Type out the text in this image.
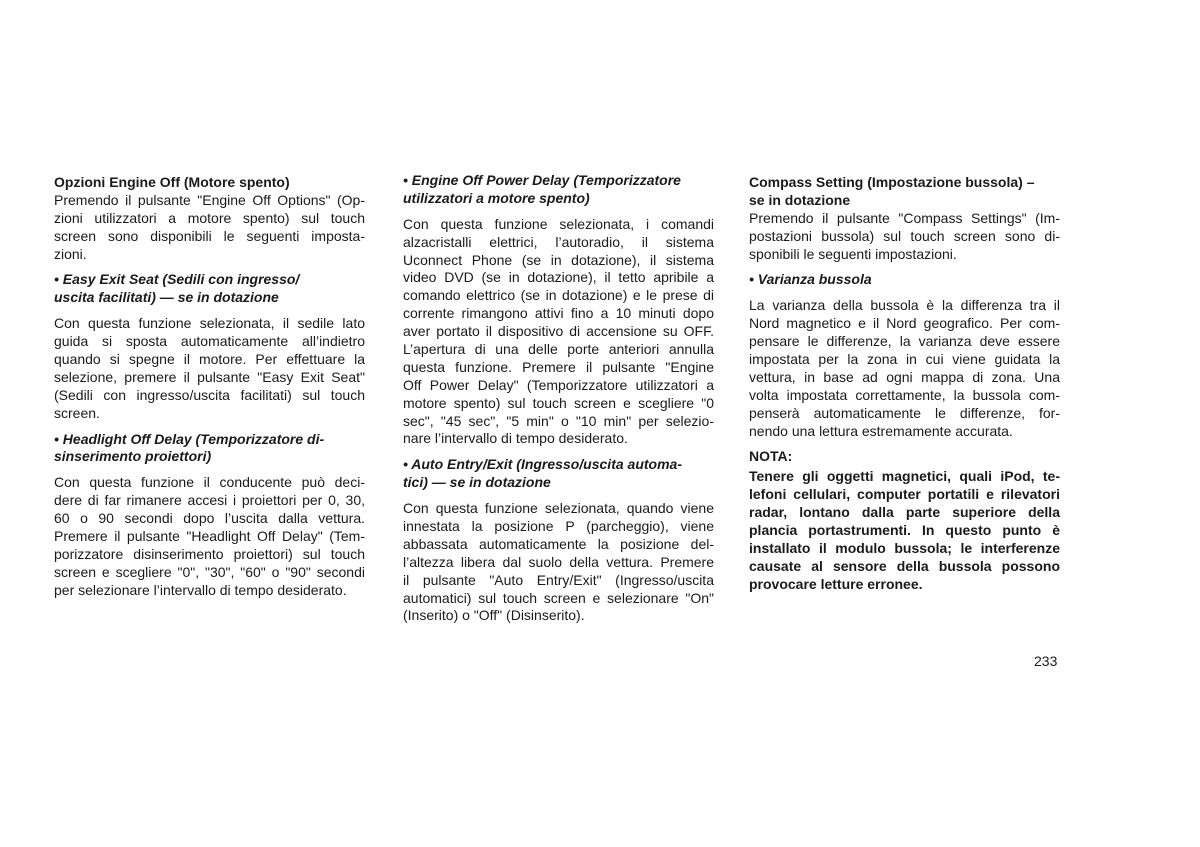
Opzioni Engine Off (Motore spento)
Premendo il pulsante "Engine Off Options" (Op-
zioni utilizzatori a motore spento) sul touch
screen sono disponibili le seguenti imposta-
zioni.
• Easy Exit Seat (Sedili con ingresso/
uscita facilitati) — se in dotazione
Con questa funzione selezionata, il sedile lato
guida si sposta automaticamente all’indietro
quando si spegne il motore. Per effettuare la
selezione, premere il pulsante "Easy Exit Seat"
(Sedili con ingresso/uscita facilitati) sul touch
screen.
• Headlight Off Delay (Temporizzatore di-
sinserimento proiettori)
Con questa funzione il conducente può deci-
dere di far rimanere accesi i proiettori per 0, 30,
60 o 90 secondi dopo l’uscita dalla vettura.
Premere il pulsante "Headlight Off Delay" (Tem-
porizzatore disinserimento proiettori) sul touch
screen e scegliere "0", "30", "60" o "90" secondi
per selezionare l’intervallo di tempo desiderato.
• Engine Off Power Delay (Temporizzatore
utilizzatori a motore spento)
Con questa funzione selezionata, i comandi
alzacristalli elettrici, l’autoradio, il sistema
Uconnect Phone (se in dotazione), il sistema
video DVD (se in dotazione), il tetto apribile a
comando elettrico (se in dotazione) e le prese di
corrente rimangono attivi fino a 10 minuti dopo
aver portato il dispositivo di accensione su OFF.
L’apertura di una delle porte anteriori annulla
questa funzione. Premere il pulsante "Engine
Off Power Delay" (Temporizzatore utilizzatori a
motore spento) sul touch screen e scegliere "0
sec", "45 sec", "5 min" o "10 min" per selezio-
nare l’intervallo di tempo desiderato.
• Auto Entry/Exit (Ingresso/uscita automa-
tici) — se in dotazione
Con questa funzione selezionata, quando viene
innestata la posizione P (parcheggio), viene
abbassata automaticamente la posizione del-
l’altezza libera dal suolo della vettura. Premere
il pulsante "Auto Entry/Exit" (Ingresso/uscita
automatici) sul touch screen e selezionare "On"
(Inserito) o "Off" (Disinserito).
Compass Setting (Impostazione bussola) –
se in dotazione
Premendo il pulsante "Compass Settings" (Im-
postazioni bussola) sul touch screen sono di-
sponibili le seguenti impostazioni.
• Varianza bussola
La varianza della bussola è la differenza tra il
Nord magnetico e il Nord geografico. Per com-
pensare le differenze, la varianza deve essere
impostata per la zona in cui viene guidata la
vettura, in base ad ogni mappa di zona. Una
volta impostata correttamente, la bussola com-
penserà automaticamente le differenze, for-
nendo una lettura estremamente accurata.
NOTA:
Tenere gli oggetti magnetici, quali iPod, te-
lefoni cellulari, computer portatili e rilevatori
radar, lontano dalla parte superiore della
plancia portastrumenti. In questo punto è
installato il modulo bussola; le interferenze
causate al sensore della bussola possono
provocare letture erronee.
233
